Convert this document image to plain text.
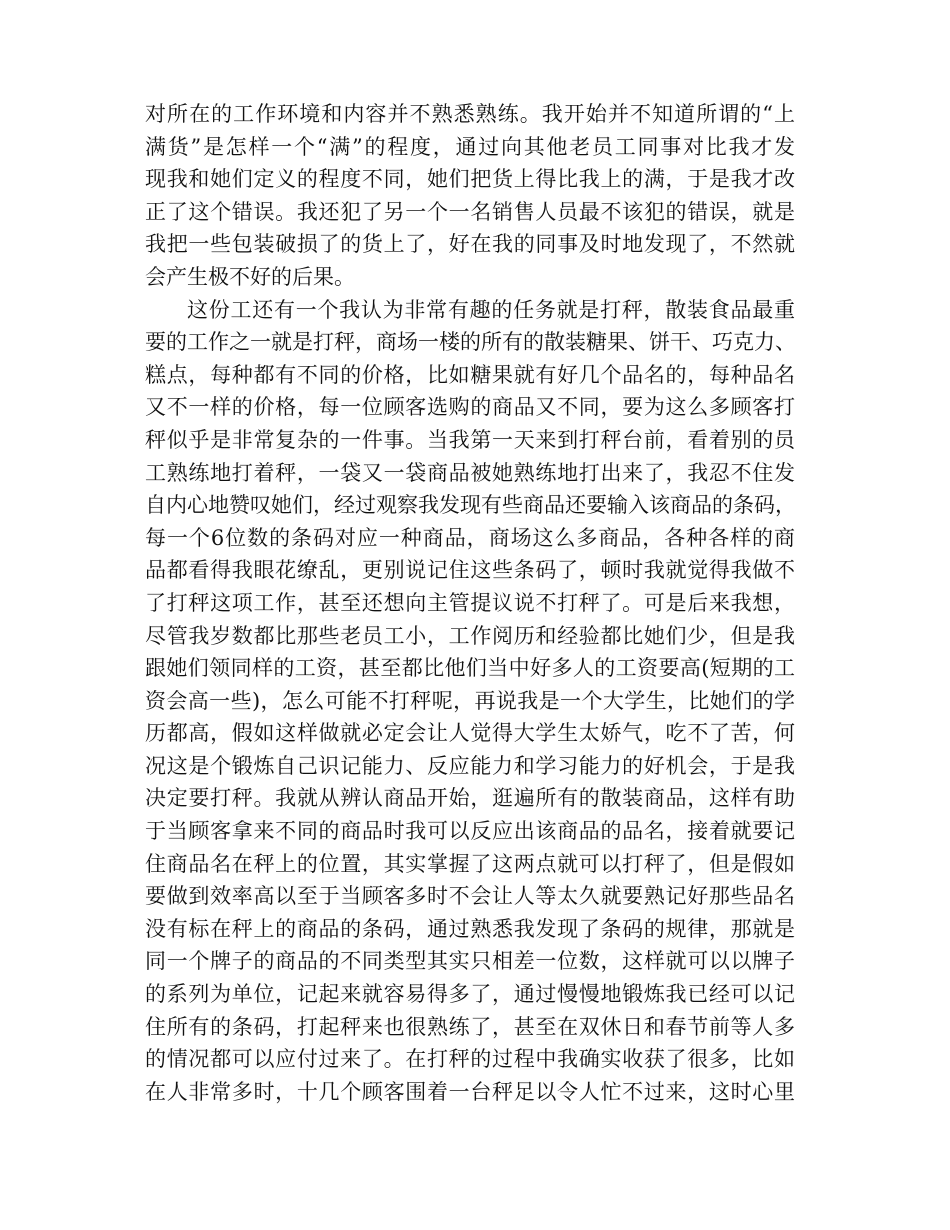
对所在的工作环境和内容并不熟悉熟练。我开始并不知道所谓的“上
满货”是怎样一个“满”的程度，通过向其他老员工同事对比我才发
现我和她们定义的程度不同，她们把货上得比我上的满，于是我才改
正了这个错误。我还犯了另一个一名销售人员最不该犯的错误，就是
我把一些包装破损了的货上了，好在我的同事及时地发现了，不然就
会产生极不好的后果。
这份工还有一个我认为非常有趣的任务就是打秤，散装食品最重
要的工作之一就是打秤，商场一楼的所有的散装糖果、饼干、巧克力、
糕点，每种都有不同的价格，比如糖果就有好几个品名的，每种品名
又不一样的价格，每一位顾客选购的商品又不同，要为这么多顾客打
秤似乎是非常复杂的一件事。当我第一天来到打秤台前，看着别的员
工熟练地打着秤，一袋又一袋商品被她熟练地打出来了，我忍不住发
自内心地赞叹她们，经过观察我发现有些商品还要输入该商品的条码，
每一个6位数的条码对应一种商品，商场这么多商品，各种各样的商
品都看得我眼花缭乱，更别说记住这些条码了，顿时我就觉得我做不
了打秤这项工作，甚至还想向主管提议说不打秤了。可是后来我想，
尽管我岁数都比那些老员工小，工作阅历和经验都比她们少，但是我
跟她们领同样的工资，甚至都比他们当中好多人的工资要高(短期的工
资会高一些)，怎么可能不打秤呢，再说我是一个大学生，比她们的学
历都高，假如这样做就必定会让人觉得大学生太娇气，吃不了苦，何
况这是个锻炼自己识记能力、反应能力和学习能力的好机会，于是我
决定要打秤。我就从辨认商品开始，逛遍所有的散装商品，这样有助
于当顾客拿来不同的商品时我可以反应出该商品的品名，接着就要记
住商品名在秤上的位置，其实掌握了这两点就可以打秤了，但是假如
要做到效率高以至于当顾客多时不会让人等太久就要熟记好那些品名
没有标在秤上的商品的条码，通过熟悉我发现了条码的规律，那就是
同一个牌子的商品的不同类型其实只相差一位数，这样就可以以牌子
的系列为单位，记起来就容易得多了，通过慢慢地锻炼我已经可以记
住所有的条码，打起秤来也很熟练了，甚至在双休日和春节前等人多
的情况都可以应付过来了。在打秤的过程中我确实收获了很多，比如
在人非常多时，十几个顾客围着一台秤足以令人忙不过来，这时心里
